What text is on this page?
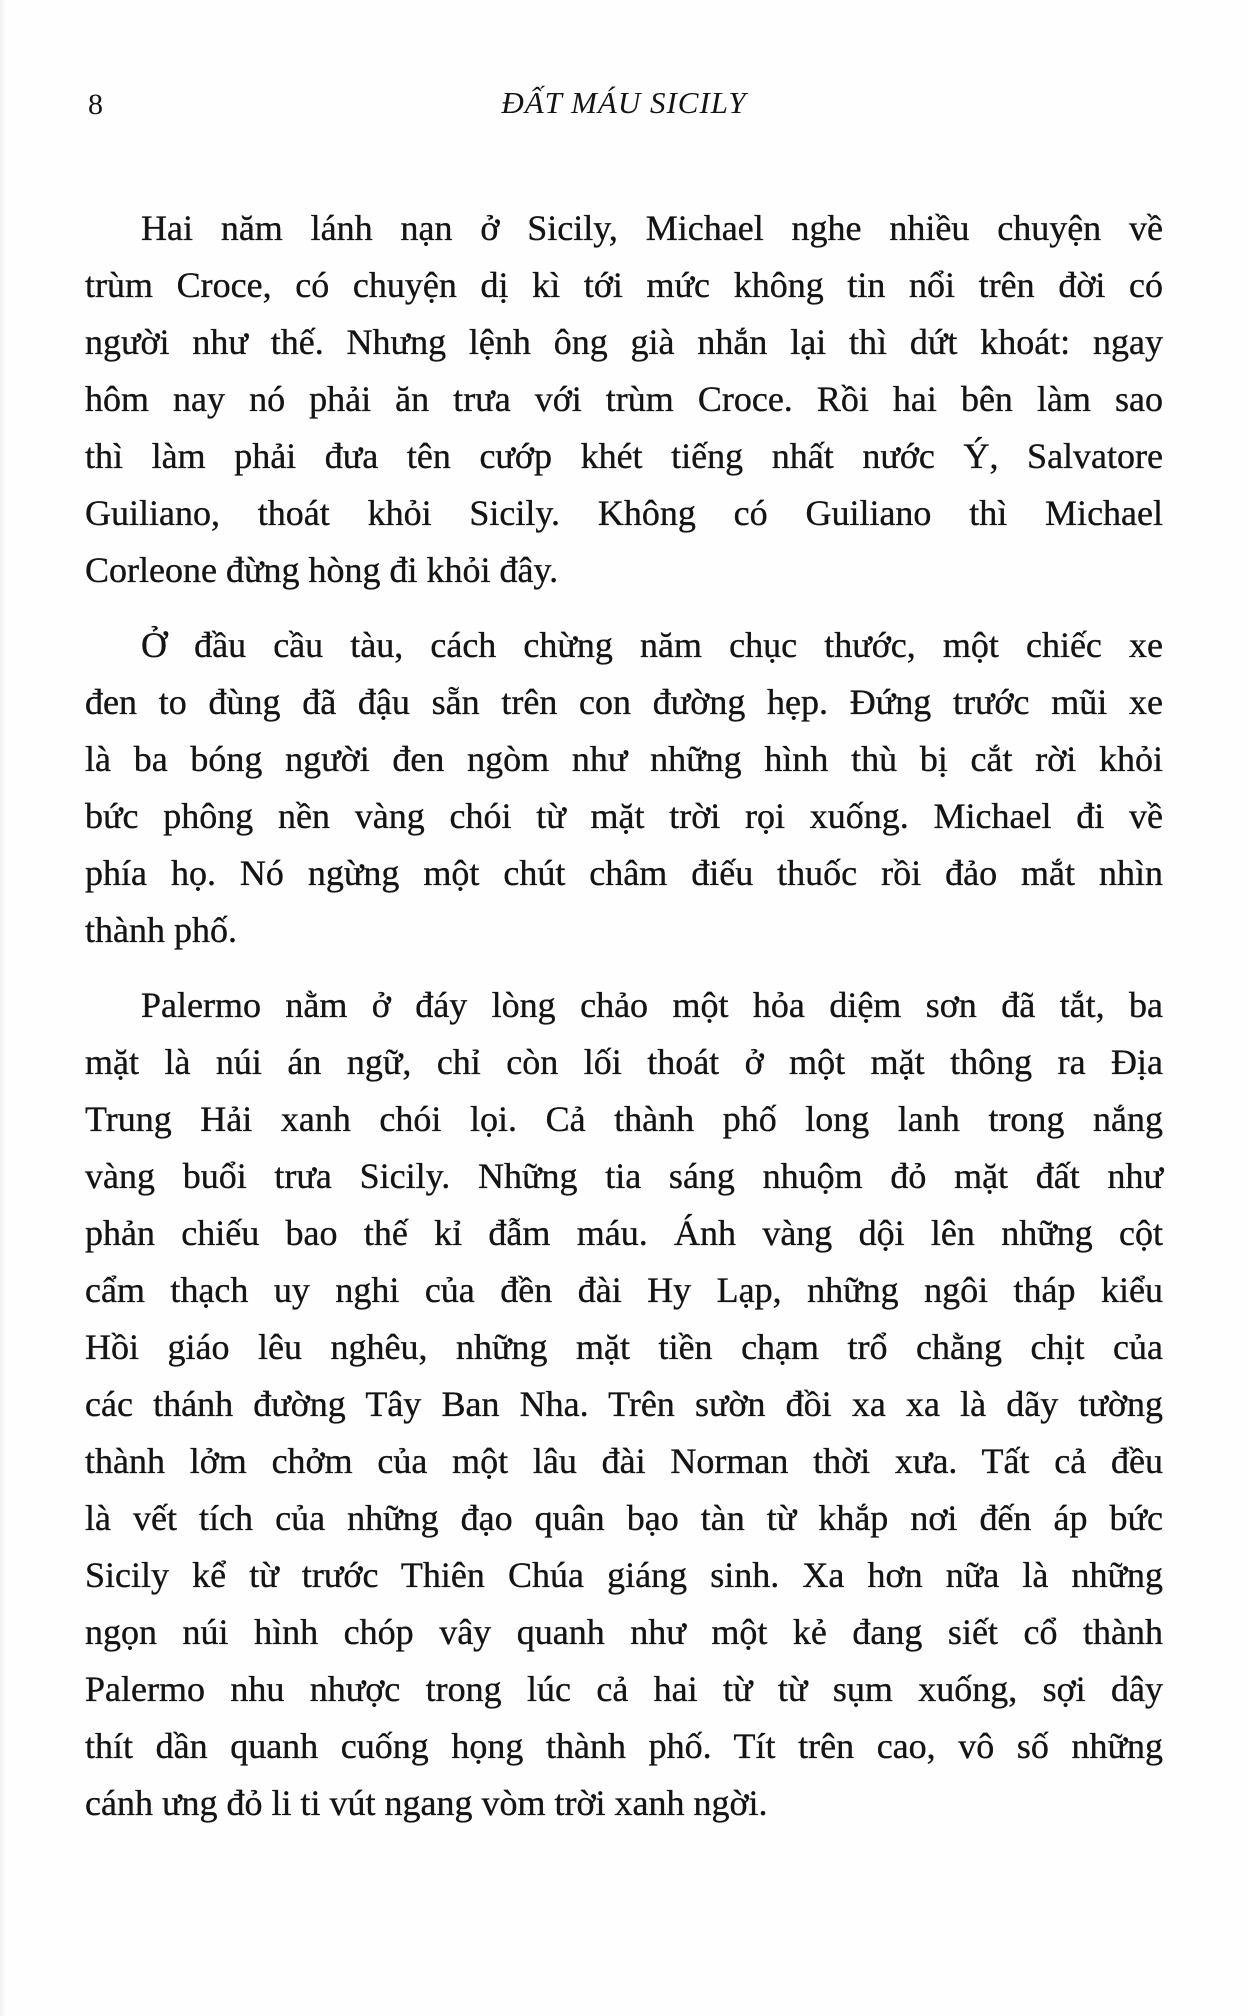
8	ĐẤT MÁU SICILY
Hai năm lánh nạn ở Sicily, Michael nghe nhiều chuyện về
trùm Croce, có chuyện dị kì tới mức không tin nổi trên đời có
người như thế. Nhưng lệnh ông già nhắn lại thì dứt khoát: ngay
hôm nay nó phải ăn trưa với trùm Croce. Rồi hai bên làm sao
thì làm phải đưa tên cướp khét tiếng nhất nước Ý, Salvatore
Guiliano, thoát khỏi Sicily. Không có Guiliano thì Michael
Corleone đừng hòng đi khỏi đây.
Ở đầu cầu tàu, cách chừng năm chục thước, một chiếc xe
đen to đùng đã đậu sẵn trên con đường hẹp. Đứng trước mũi xe
là ba bóng người đen ngòm như những hình thù bị cắt rời khỏi
bức phông nền vàng chói từ mặt trời rọi xuống. Michael đi về
phía họ. Nó ngừng một chút châm điếu thuốc rồi đảo mắt nhìn
thành phố.
Palermo nằm ở đáy lòng chảo một hỏa diệm sơn đã tắt, ba
mặt là núi án ngữ, chỉ còn lối thoát ở một mặt thông ra Địa
Trung Hải xanh chói lọi. Cả thành phố long lanh trong nắng
vàng buổi trưa Sicily. Những tia sáng nhuộm đỏ mặt đất như
phản chiếu bao thế kỉ đẫm máu. Ánh vàng dội lên những cột
cẩm thạch uy nghi của đền đài Hy Lạp, những ngôi tháp kiểu
Hồi giáo lêu nghêu, những mặt tiền chạm trổ chằng chịt của
các thánh đường Tây Ban Nha. Trên sườn đồi xa xa là dãy tường
thành lởm chởm của một lâu đài Norman thời xưa. Tất cả đều
là vết tích của những đạo quân bạo tàn từ khắp nơi đến áp bức
Sicily kể từ trước Thiên Chúa giáng sinh. Xa hơn nữa là những
ngọn núi hình chóp vây quanh như một kẻ đang siết cổ thành
Palermo nhu nhược trong lúc cả hai từ từ sụm xuống, sợi dây
thít dần quanh cuống họng thành phố. Tít trên cao, vô số những
cánh ưng đỏ li ti vút ngang vòm trời xanh ngời.
